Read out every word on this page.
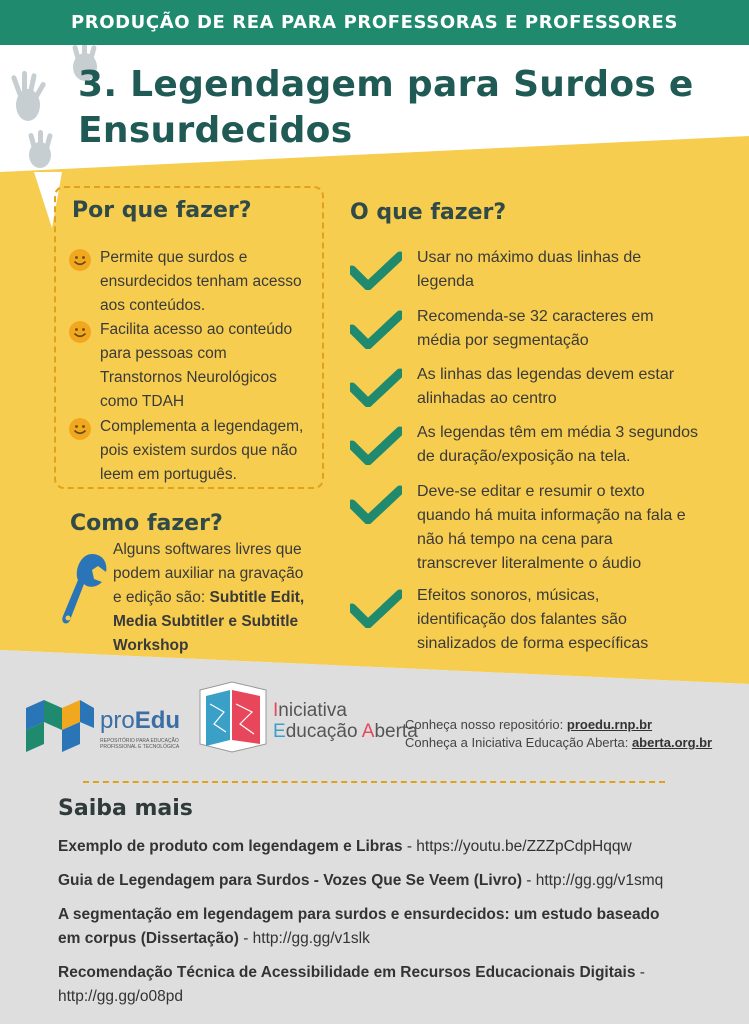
PRODUÇÃO DE REA PARA PROFESSORAS E PROFESSORES
3. Legendagem para Surdos e
Ensurdecidos
Por que fazer?
Permite que surdos e
ensurdecidos tenham acesso
aos conteúdos.
Facilita acesso ao conteúdo
para pessoas com
Transtornos Neurológicos
como TDAH
Complementa a legendagem,
pois existem surdos que não
leem em português.
Como fazer?
Alguns softwares livres que
podem auxiliar na gravação
e edição são: Subtitle Edit,
Media Subtitler e Subtitle
Workshop
O que fazer?
Usar no máximo duas linhas de
legenda
Recomenda-se 32 caracteres em
média por segmentação
As linhas das legendas devem estar
alinhadas ao centro
As legendas têm em média 3 segundos
de duração/exposição na tela.
Deve-se editar e resumir o texto
quando há muita informação na fala e
não há tempo na cena para
transcrever literalmente o áudio
Efeitos sonoros, músicas,
identificação dos falantes são
sinalizados de forma específicas
proEdu
REPOSITÓRIO PARA EDUCAÇÃO PROFISSIONAL E TECNOLÓGICA
Iniciativa
Educação Aberta
Conheça nosso repositório: proedu.rnp.br
Conheça a Iniciativa Educação Aberta: aberta.org.br
Saiba mais
Exemplo de produto com legendagem e Libras - https://youtu.be/ZZZpCdpHqqw
Guia de Legendagem para Surdos - Vozes Que Se Veem (Livro) - http://gg.gg/v1smq
A segmentação em legendagem para surdos e ensurdecidos: um estudo baseado
em corpus (Dissertação) - http://gg.gg/v1slk
Recomendação Técnica de Acessibilidade em Recursos Educacionais Digitais -
http://gg.gg/o08pd
